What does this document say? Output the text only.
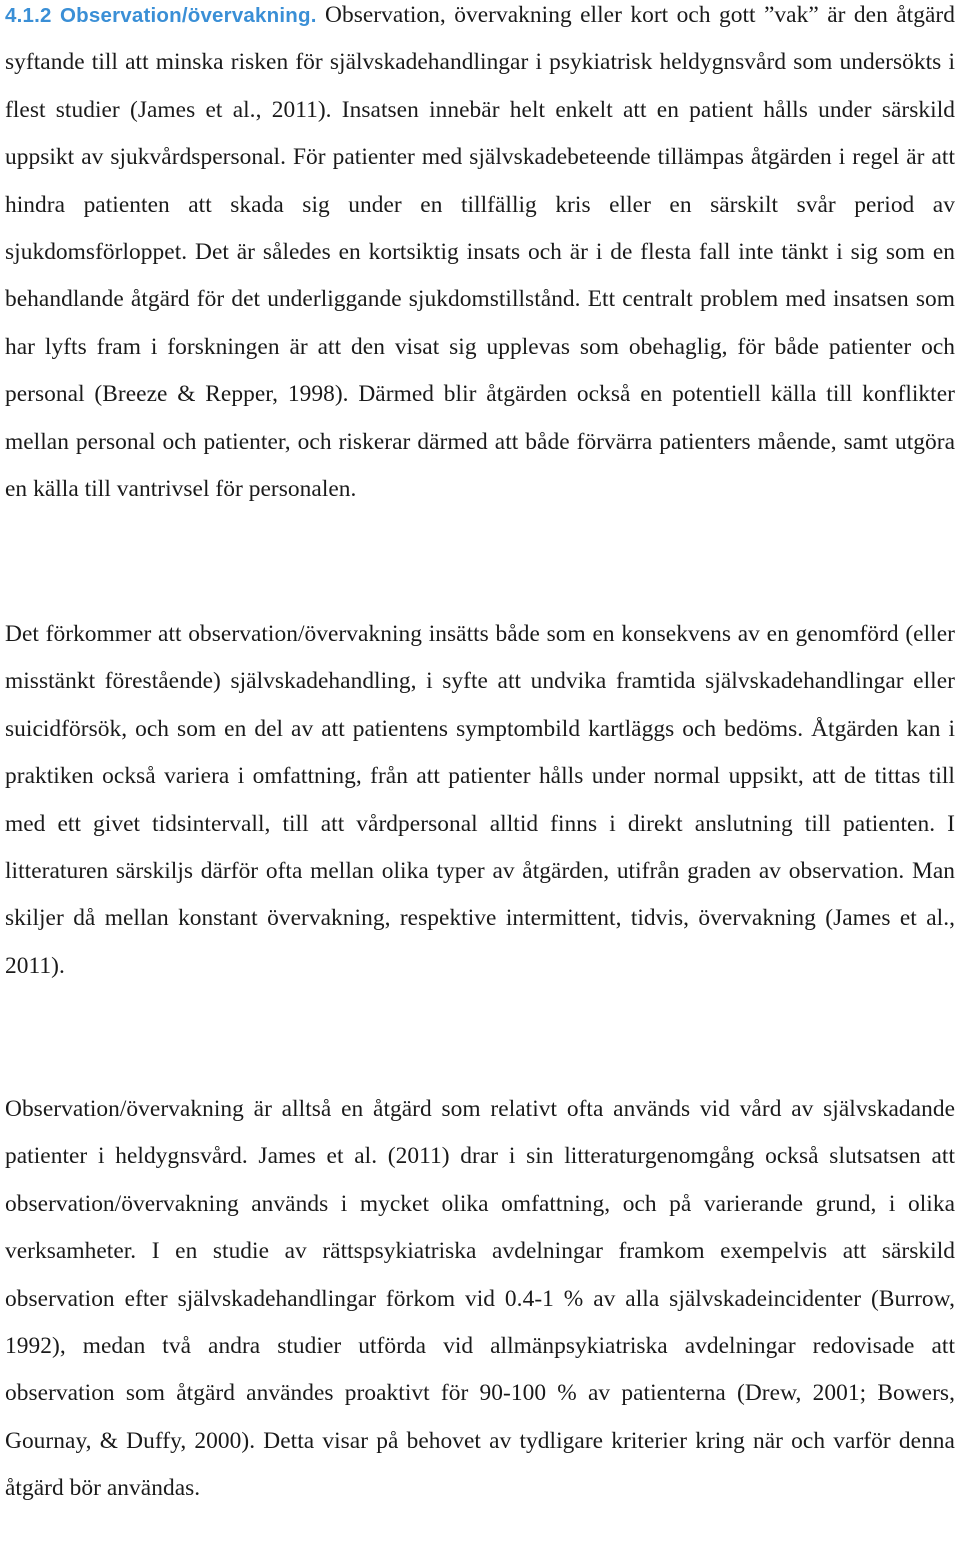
4.1.2 Observation/övervakning. Observation, övervakning eller kort och gott ”vak” är den åtgärd syftande till att minska risken för självskadehandlingar i psykiatrisk heldygnsvård som undersökts i flest studier (James et al., 2011). Insatsen innebär helt enkelt att en patient hålls under särskild uppsikt av sjukvårdspersonal. För patienter med självskadebeteende tillämpas åtgärden i regel är att hindra patienten att skada sig under en tillfällig kris eller en särskilt svår period av sjukdomsförloppet. Det är således en kortsiktig insats och är i de flesta fall inte tänkt i sig som en behandlande åtgärd för det underliggande sjukdomstillstånd. Ett centralt problem med insatsen som har lyfts fram i forskningen är att den visat sig upplevas som obehaglig, för både patienter och personal (Breeze & Repper, 1998). Därmed blir åtgärden också en potentiell källa till konflikter mellan personal och patienter, och riskerar därmed att både förvärra patienters mående, samt utgöra en källa till vantrivsel för personalen.

Det förkommer att observation/övervakning insätts både som en konsekvens av en genomförd (eller misstänkt förestående) självskadehandling, i syfte att undvika framtida självskadehandlingar eller suicidförsök, och som en del av att patientens symptombild kartläggs och bedöms. Åtgärden kan i praktiken också variera i omfattning, från att patienter hålls under normal uppsikt, att de tittas till med ett givet tidsintervall, till att vårdpersonal alltid finns i direkt anslutning till patienten. I litteraturen särskiljs därför ofta mellan olika typer av åtgärden, utifrån graden av observation. Man skiljer då mellan konstant övervakning, respektive intermittent, tidvis, övervakning (James et al., 2011).

Observation/övervakning är alltså en åtgärd som relativt ofta används vid vård av självskadande patienter i heldygnsvård. James et al. (2011) drar i sin litteraturgenomgång också slutsatsen att observation/övervakning används i mycket olika omfattning, och på varierande grund, i olika verksamheter. I en studie av rättspsykiatriska avdelningar framkom exempelvis att särskild observation efter självskadehandlingar förkom vid 0.4-1 % av alla självskadeincidenter (Burrow, 1992), medan två andra studier utförda vid allmänpsykiatriska avdelningar redovisade att observation som åtgärd användes proaktivt för 90-100 % av patienterna (Drew, 2001; Bowers, Gournay, & Duffy, 2000). Detta visar på behovet av tydligare kriterier kring när och varför denna åtgärd bör användas.
